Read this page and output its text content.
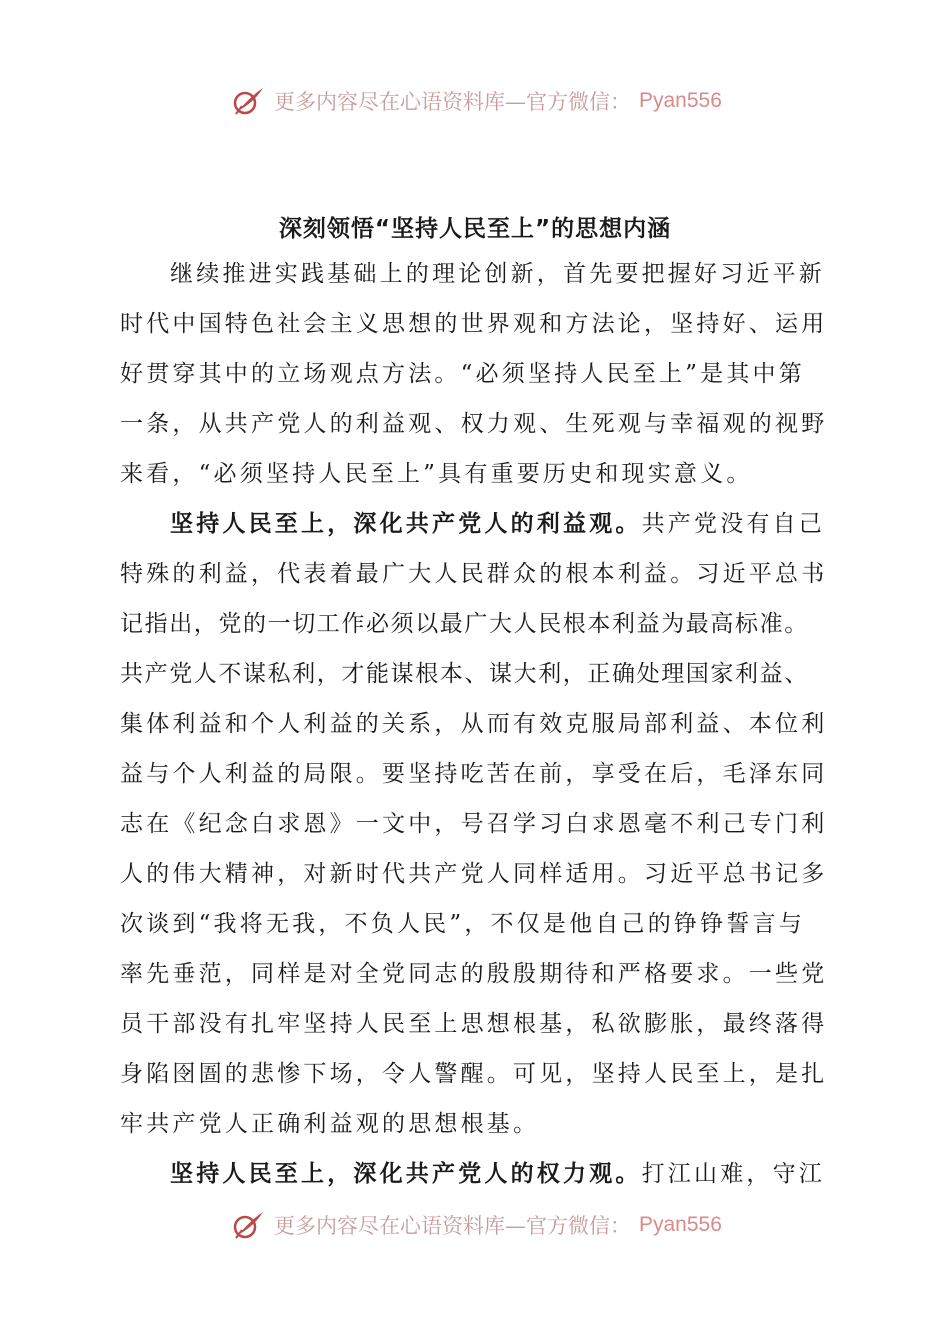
更多内容尽在心语资料库—官方微信： Pyan556
深刻领悟“坚持人民至上”的思想内涵
继续推进实践基础上的理论创新，首先要把握好习近平新
时代中国特色社会主义思想的世界观和方法论，坚持好、运用
好贯穿其中的立场观点方法。“必须坚持人民至上”是其中第
一条，从共产党人的利益观、权力观、生死观与幸福观的视野
来看，“必须坚持人民至上”具有重要历史和现实意义。
坚持人民至上，深化共产党人的利益观。共产党没有自己
特殊的利益，代表着最广大人民群众的根本利益。习近平总书
记指出，党的一切工作必须以最广大人民根本利益为最高标准。
共产党人不谋私利，才能谋根本、谋大利，正确处理国家利益、
集体利益和个人利益的关系，从而有效克服局部利益、本位利
益与个人利益的局限。要坚持吃苦在前，享受在后，毛泽东同
志在《纪念白求恩》一文中，号召学习白求恩毫不利己专门利
人的伟大精神，对新时代共产党人同样适用。习近平总书记多
次谈到“我将无我，不负人民”，不仅是他自己的铮铮誓言与
率先垂范，同样是对全党同志的殷殷期待和严格要求。一些党
员干部没有扎牢坚持人民至上思想根基，私欲膨胀，最终落得
身陷囹圄的悲惨下场，令人警醒。可见，坚持人民至上，是扎
牢共产党人正确利益观的思想根基。
坚持人民至上，深化共产党人的权力观。打江山难，守江
更多内容尽在心语资料库—官方微信： Pyan556
